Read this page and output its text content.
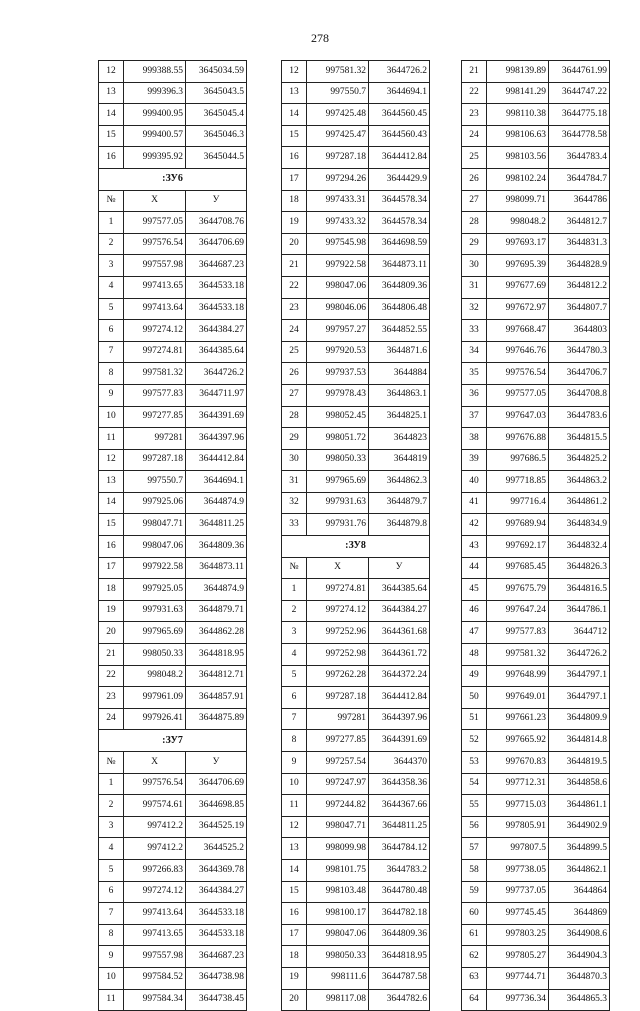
278
12	999388.55	3645034.59
13	999396.3	3645043.5
14	999400.95	3645045.4
15	999400.57	3645046.3
16	999395.92	3645044.5
:ЗУ6		
№	X	У
1	997577.05	3644708.76
2	997576.54	3644706.69
3	997557.98	3644687.23
4	997413.65	3644533.18
5	997413.64	3644533.18
6	997274.12	3644384.27
7	997274.81	3644385.64
8	997581.32	3644726.2
9	997577.83	3644711.97
10	997277.85	3644391.69
11	997281	3644397.96
12	997287.18	3644412.84
13	997550.7	3644694.1
14	997925.06	3644874.9
15	998047.71	3644811.25
16	998047.06	3644809.36
17	997922.58	3644873.11
18	997925.05	3644874.9
19	997931.63	3644879.71
20	997965.69	3644862.28
21	998050.33	3644818.95
22	998048.2	3644812.71
23	997961.09	3644857.91
24	997926.41	3644875.89
:ЗУ7		
№	X	У
1	997576.54	3644706.69
2	997574.61	3644698.85
3	997412.2	3644525.19
4	997412.2	3644525.2
5	997266.83	3644369.78
6	997274.12	3644384.27
7	997413.64	3644533.18
8	997413.65	3644533.18
9	997557.98	3644687.23
10	997584.52	3644738.98
11	997584.34	3644738.45
12	997581.32	3644726.2
13	997550.7	3644694.1
14	997425.48	3644560.45
15	997425.47	3644560.43
16	997287.18	3644412.84
17	997294.26	3644429.9
18	997433.31	3644578.34
19	997433.32	3644578.34
20	997545.98	3644698.59
21	997922.58	3644873.11
22	998047.06	3644809.36
23	998046.06	3644806.48
24	997957.27	3644852.55
25	997920.53	3644871.6
26	997937.53	3644884
27	997978.43	3644863.1
28	998052.45	3644825.1
29	998051.72	3644823
30	998050.33	3644819
31	997965.69	3644862.3
32	997931.63	3644879.7
33	997931.76	3644879.8
:ЗУ8		
№	X	У
1	997274.81	3644385.64
2	997274.12	3644384.27
3	997252.96	3644361.68
4	997252.98	3644361.72
5	997262.28	3644372.24
6	997287.18	3644412.84
7	997281	3644397.96
8	997277.85	3644391.69
9	997257.54	3644370
10	997247.97	3644358.36
11	997244.82	3644367.66
12	998047.71	3644811.25
13	998099.98	3644784.12
14	998101.75	3644783.2
15	998103.48	3644780.48
16	998100.17	3644782.18
17	998047.06	3644809.36
18	998050.33	3644818.95
19	998111.6	3644787.58
20	998117.08	3644782.6
21	998139.89	3644761.99
22	998141.29	3644747.22
23	998110.38	3644775.18
24	998106.63	3644778.58
25	998103.56	3644783.4
26	998102.24	3644784.7
27	998099.71	3644786
28	998048.2	3644812.7
29	997693.17	3644831.3
30	997695.39	3644828.9
31	997677.69	3644812.2
32	997672.97	3644807.7
33	997668.47	3644803
34	997646.76	3644780.3
35	997576.54	3644706.7
36	997577.05	3644708.8
37	997647.03	3644783.6
38	997676.88	3644815.5
39	997686.5	3644825.2
40	997718.85	3644863.2
41	997716.4	3644861.2
42	997689.94	3644834.9
43	997692.17	3644832.4
44	997685.45	3644826.3
45	997675.79	3644816.5
46	997647.24	3644786.1
47	997577.83	3644712
48	997581.32	3644726.2
49	997648.99	3644797.1
50	997649.01	3644797.1
51	997661.23	3644809.9
52	997665.92	3644814.8
53	997670.83	3644819.5
54	997712.31	3644858.6
55	997715.03	3644861.1
56	997805.91	3644902.9
57	997807.5	3644899.5
58	997738.05	3644862.1
59	997737.05	3644864
60	997745.45	3644869
61	997803.25	3644908.6
62	997805.27	3644904.3
63	997744.71	3644870.3
64	997736.34	3644865.3
